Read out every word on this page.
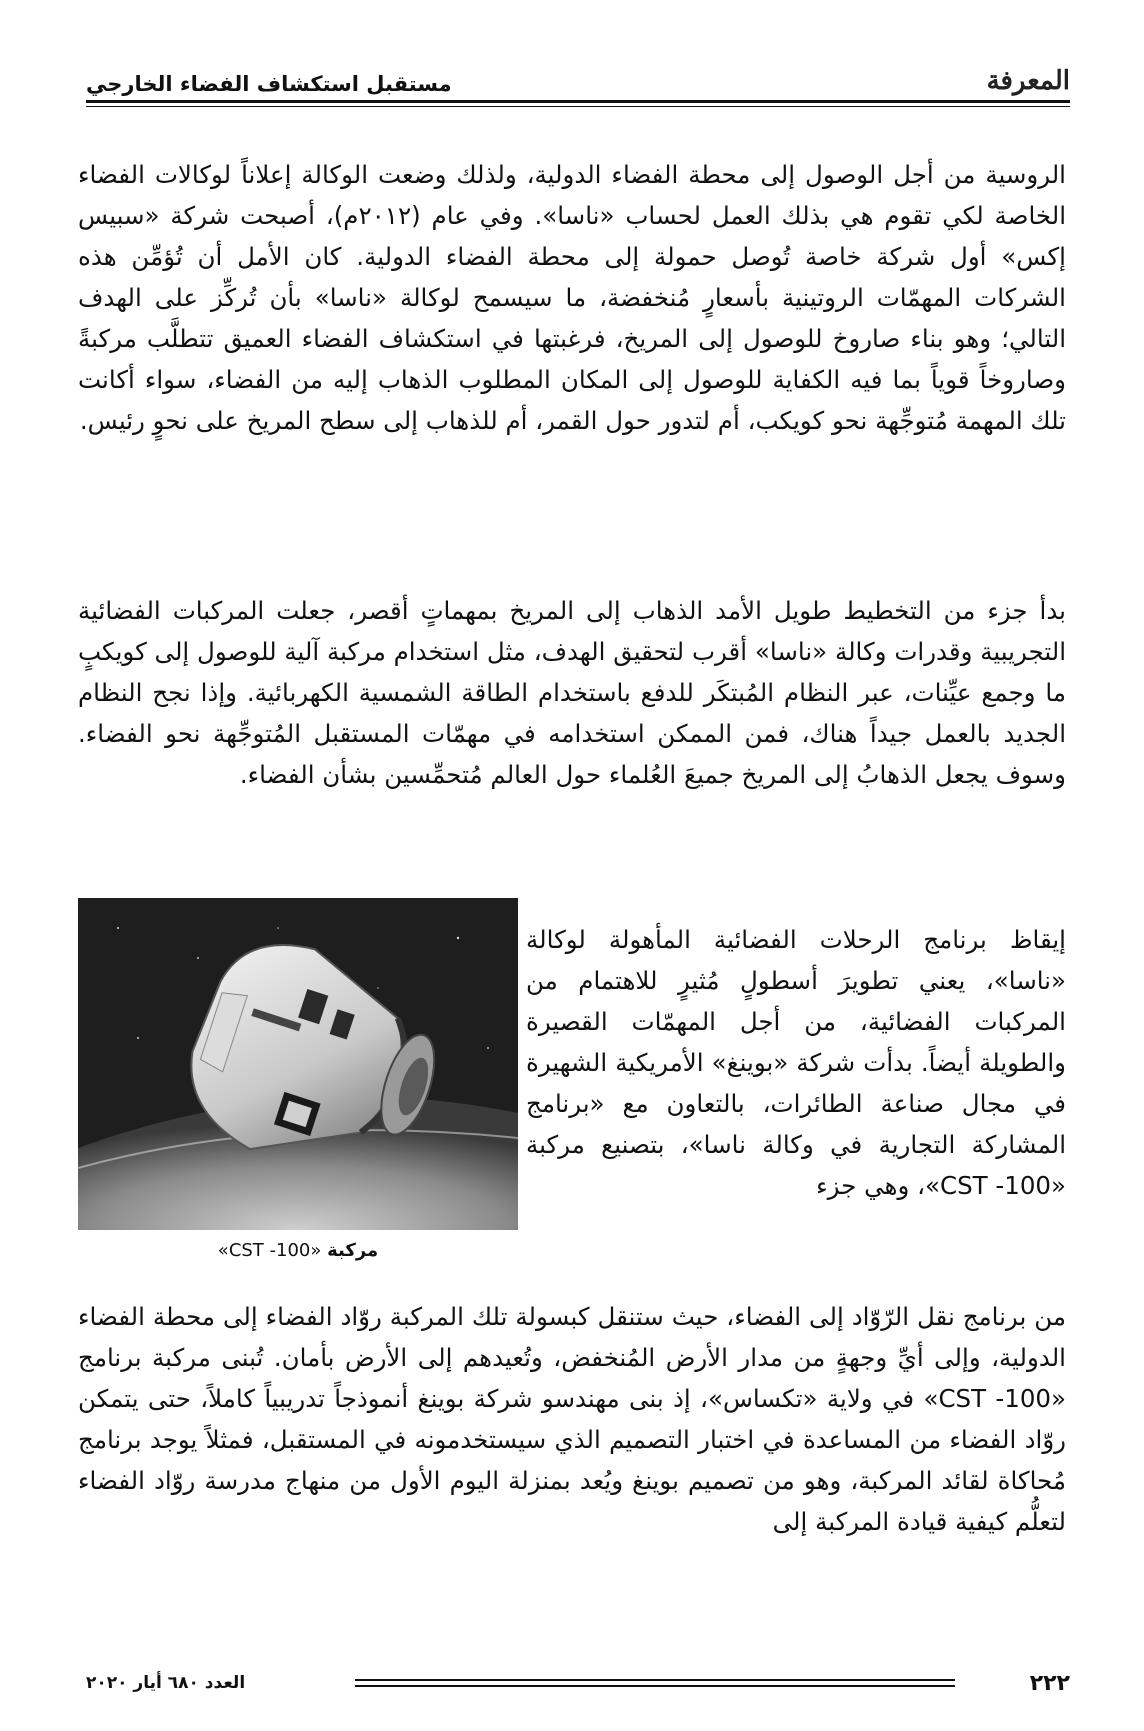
المعرفة
مستقبل استكشاف الفضاء الخارجي

الروسية من أجل الوصول إلى محطة الفضاء الدولية، ولذلك وضعت الوكالة إعلاناً لوكالات الفضاء الخاصة لكي تقوم هي بذلك العمل لحساب «ناسا». وفي عام (٢٠١٢م)، أصبحت شركة «سبيس إكس» أول شركة خاصة تُوصل حمولة إلى محطة الفضاء الدولية. كان الأمل أن تُؤمِّن هذه الشركات المهمّات الروتينية بأسعارٍ مُنخفضة، ما سيسمح لوكالة «ناسا» بأن تُركِّز على الهدف التالي؛ وهو بناء صاروخ للوصول إلى المريخ، فرغبتها في استكشاف الفضاء العميق تتطلَّب مركبةً وصاروخاً قوياً بما فيه الكفاية للوصول إلى المكان المطلوب الذهاب إليه من الفضاء، سواء أكانت تلك المهمة مُتوجِّهة نحو كويكب، أم لتدور حول القمر، أم للذهاب إلى سطح المريخ على نحوٍ رئيس.

بدأ جزء من التخطيط طويل الأمد الذهاب إلى المريخ بمهماتٍ أقصر، جعلت المركبات الفضائية التجريبية وقدرات وكالة «ناسا» أقرب لتحقيق الهدف، مثل استخدام مركبة آلية للوصول إلى كويكبٍ ما وجمع عيِّنات، عبر النظام المُبتكَر للدفع باستخدام الطاقة الشمسية الكهربائية. وإذا نجح النظام الجديد بالعمل جيداً هناك، فمن الممكن استخدامه في مهمّات المستقبل المُتوجِّهة نحو الفضاء. وسوف يجعل الذهابُ إلى المريخ جميعَ العُلماء حول العالم مُتحمِّسين بشأن الفضاء.

إيقاظ برنامج الرحلات الفضائية المأهولة لوكالة «ناسا»، يعني تطويرَ أسطولٍ مُثيرٍ للاهتمام من المركبات الفضائية، من أجل المهمّات القصيرة والطويلة أيضاً. بدأت شركة «بوينغ» الأمريكية الشهيرة في مجال صناعة الطائرات، بالتعاون مع «برنامج المشاركة التجارية في وكالة ناسا»، بتصنيع مركبة «CST -100»، وهي جزء

من برنامج نقل الرّوّاد إلى الفضاء، حيث ستنقل كبسولة تلك المركبة روّاد الفضاء إلى محطة الفضاء الدولية، وإلى أيِّ وجهةٍ من مدار الأرض المُنخفض، وتُعيدهم إلى الأرض بأمان. تُبنى مركبة برنامج «CST -100» في ولاية «تكساس»، إذ بنى مهندسو شركة بوينغ أنموذجاً تدريبياً كاملاً، حتى يتمكن روّاد الفضاء من المساعدة في اختبار التصميم الذي سيستخدمونه في المستقبل، فمثلاً يوجد برنامج مُحاكاة لقائد المركبة، وهو من تصميم بوينغ ويُعد بمنزلة اليوم الأول من منهاج مدرسة روّاد الفضاء لتعلُّم كيفية قيادة المركبة إلى

مركبة «CST -100»
٢٢٢
العدد ٦٨٠ أيار ٢٠٢٠
